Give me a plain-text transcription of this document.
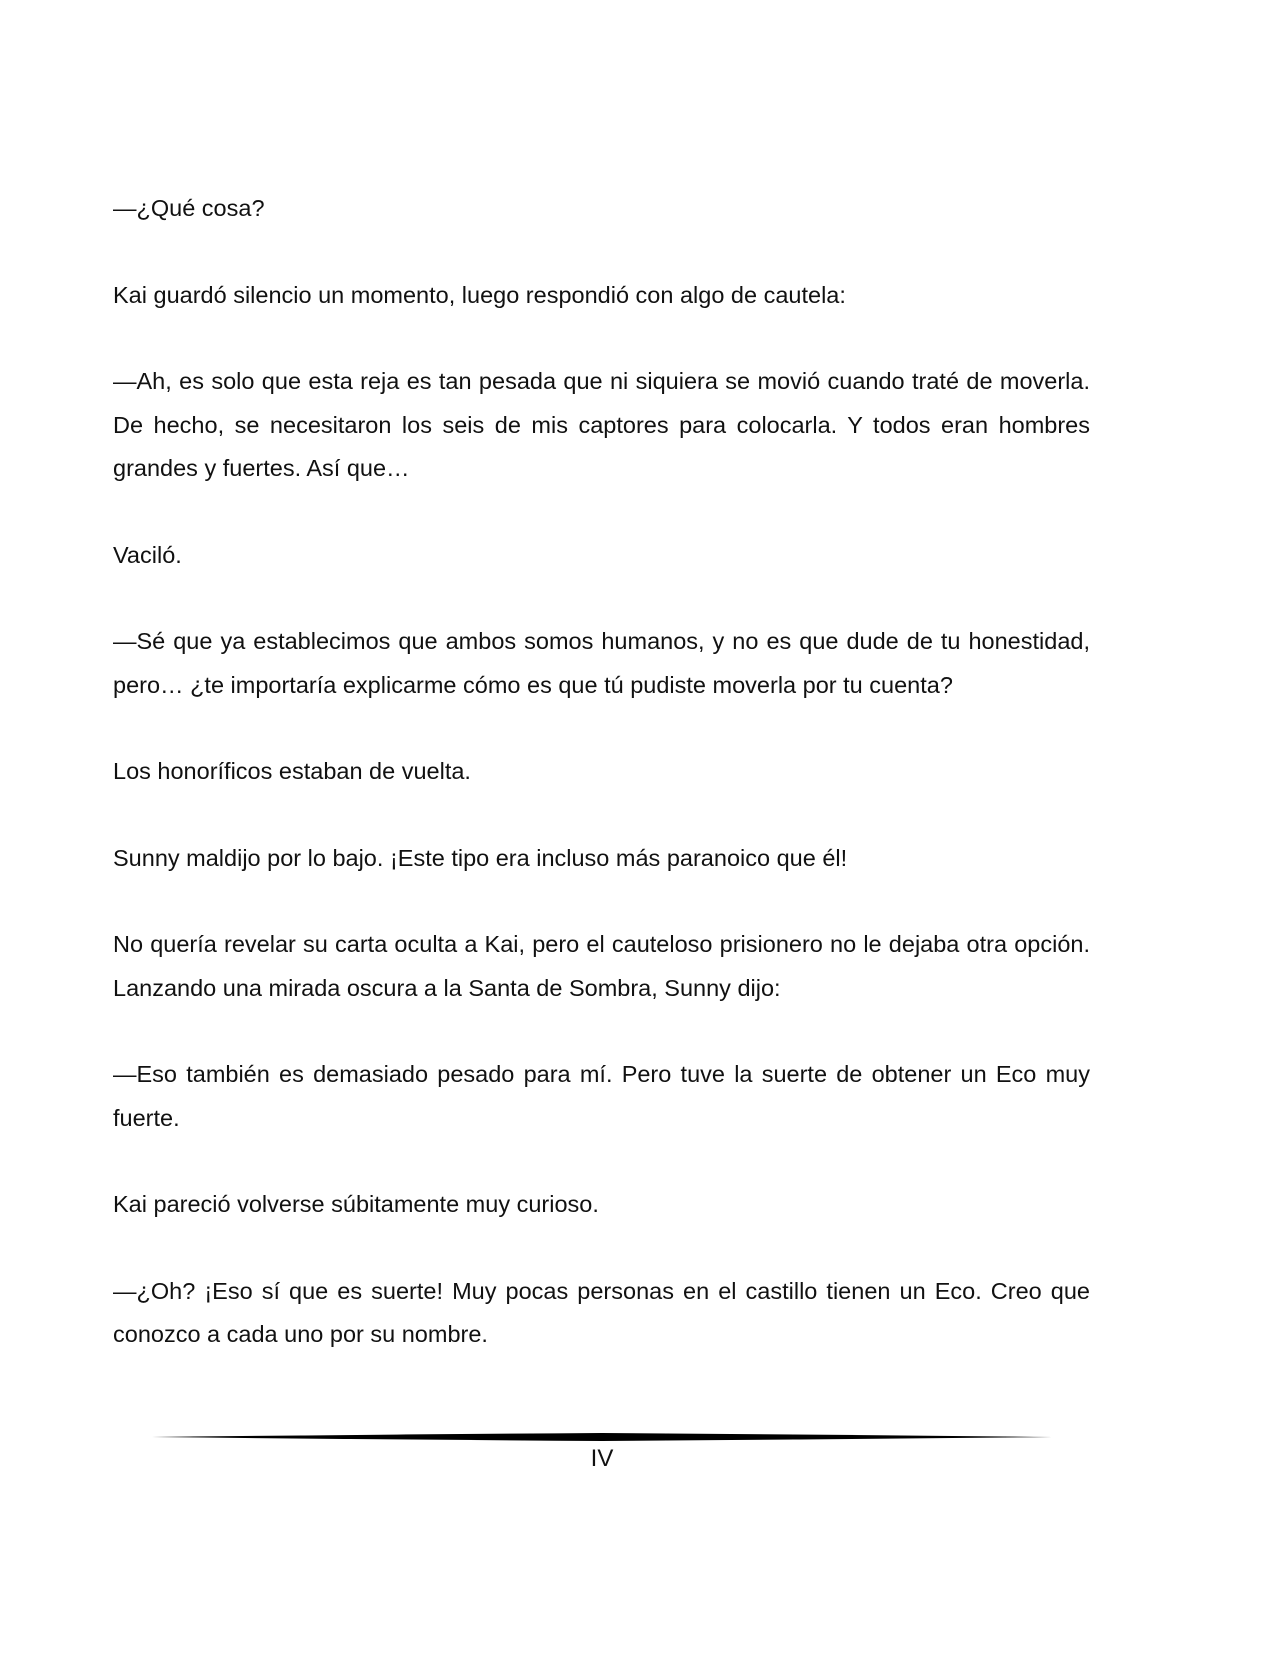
—¿Qué cosa?

Kai guardó silencio un momento, luego respondió con algo de cautela:

—Ah, es solo que esta reja es tan pesada que ni siquiera se movió cuando traté de moverla. De hecho, se necesitaron los seis de mis captores para colocarla. Y todos eran hombres grandes y fuertes. Así que…

Vaciló.

—Sé que ya establecimos que ambos somos humanos, y no es que dude de tu honestidad, pero… ¿te importaría explicarme cómo es que tú pudiste moverla por tu cuenta?

Los honoríficos estaban de vuelta.

Sunny maldijo por lo bajo. ¡Este tipo era incluso más paranoico que él!

No quería revelar su carta oculta a Kai, pero el cauteloso prisionero no le dejaba otra opción. Lanzando una mirada oscura a la Santa de Sombra, Sunny dijo:

—Eso también es demasiado pesado para mí. Pero tuve la suerte de obtener un Eco muy fuerte.

Kai pareció volverse súbitamente muy curioso.

—¿Oh? ¡Eso sí que es suerte! Muy pocas personas en el castillo tienen un Eco. Creo que conozco a cada uno por su nombre.

IV
